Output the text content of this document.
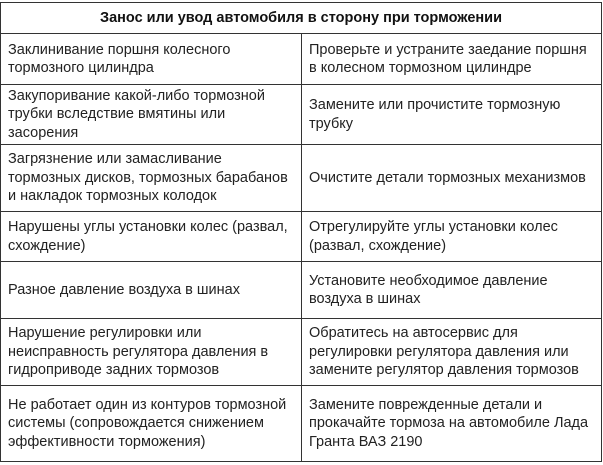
Занос или увод автомобиля в сторону при торможении	
Заклинивание поршня колесного тормозного цилиндра	Проверьте и устраните заедание поршня в колесном тормозном цилиндре
Закупоривание какой-либо тормозной трубки вследствие вмятины или засорения	Замените или прочистите тормозную трубку
Загрязнение или замасливание тормозных дисков, тормозных барабанов и накладок тормозных колодок	Очистите детали тормозных механизмов
Нарушены углы установки колес (развал, схождение)	Отрегулируйте углы установки колес (развал, схождение)
Разное давление воздуха в шинах	Установите необходимое давление воздуха в шинах
Нарушение регулировки или неисправность регулятора давления в гидроприводе задних тормозов	Обратитесь на автосервис для регулировки регулятора давления или замените регулятор давления тормозов
Не работает один из контуров тормозной системы (сопровождается снижением эффективности торможения)	Замените поврежденные детали и прокачайте тормоза на автомобиле Лада Гранта ВАЗ 2190
